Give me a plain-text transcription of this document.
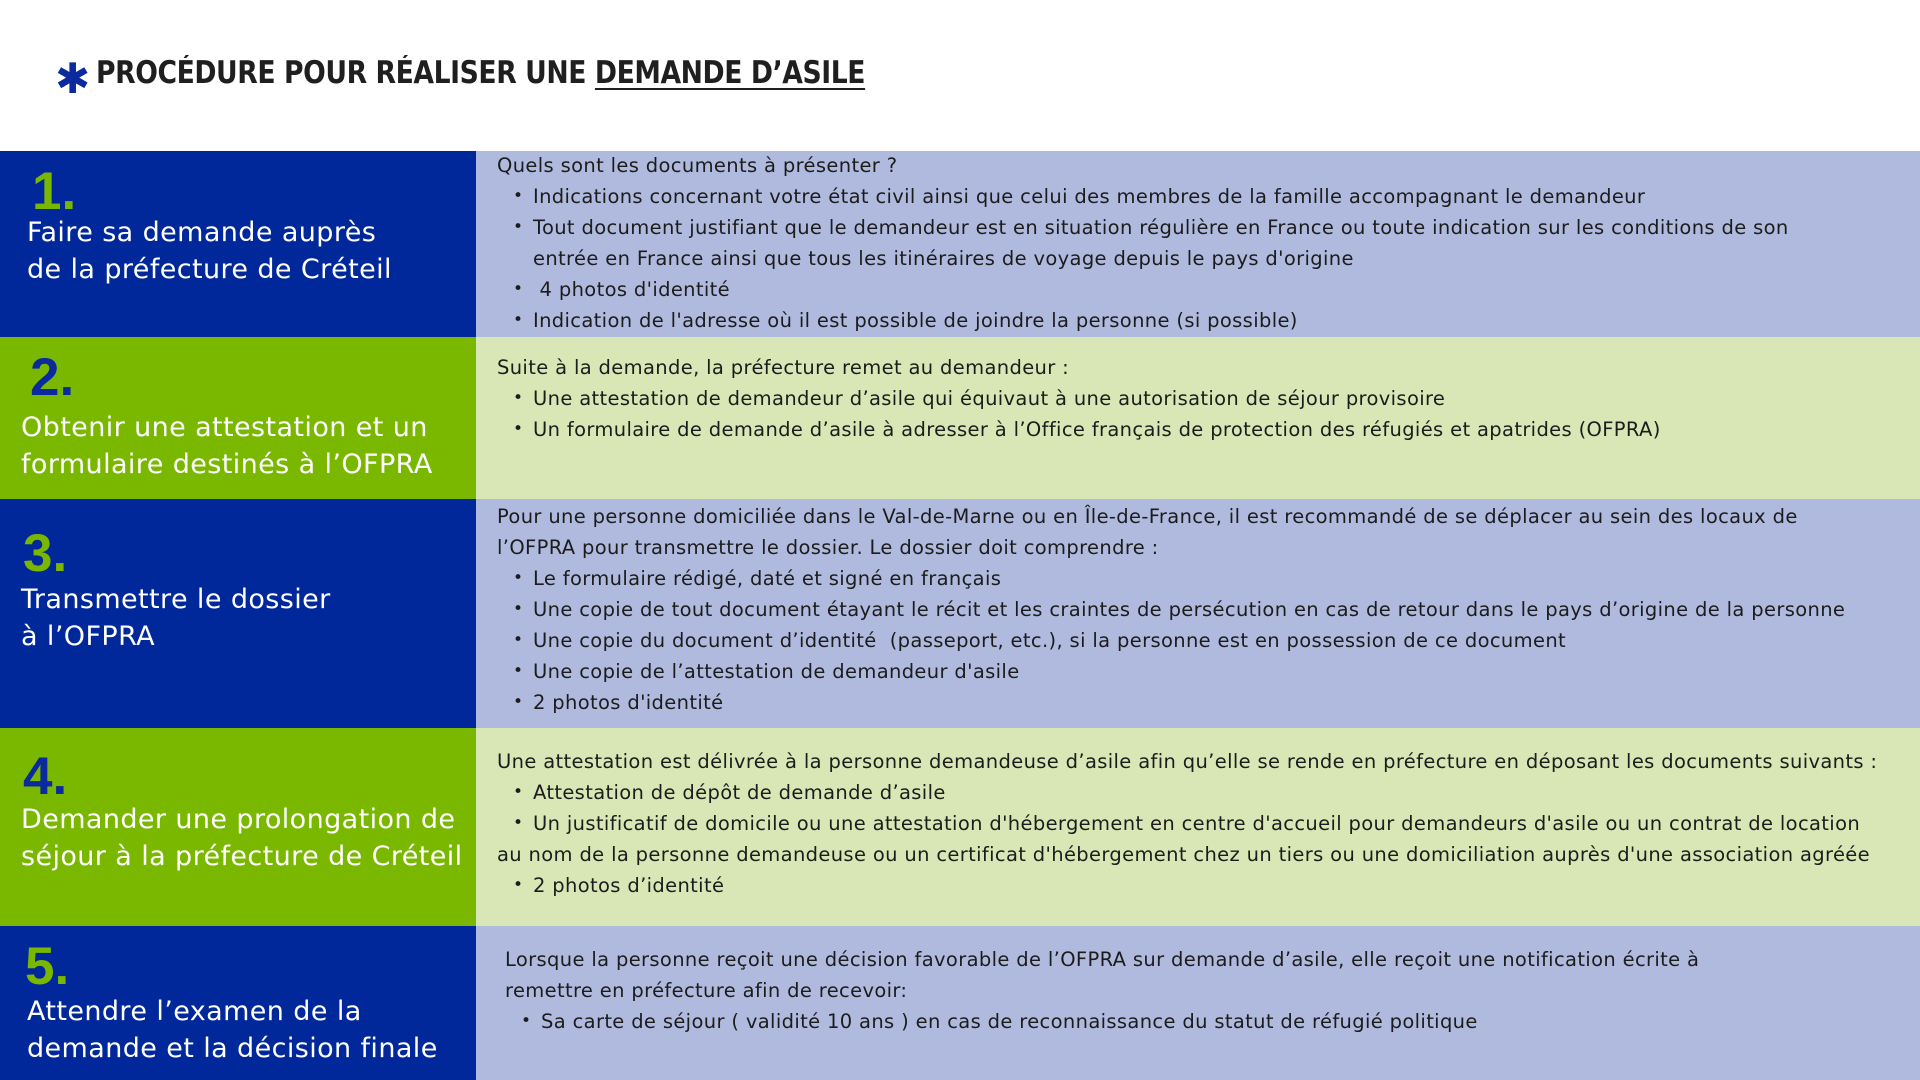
✱ PROCÉDURE POUR RÉALISER UNE DEMANDE D’ASILE
1.
Faire sa demande auprès
de la préfecture de Créteil

Quels sont les documents à présenter ?

• Indications concernant votre état civil ainsi que celui des membres de la famille accompagnant le demandeur
• Tout document justifiant que le demandeur est en situation régulière en France ou toute indication sur les conditions de son entrée en France ainsi que tous les itinéraires de voyage depuis le pays d'origine
•  4 photos d'identité
• Indication de l'adresse où il est possible de joindre la personne (si possible)
2.
Obtenir une attestation et un
formulaire destinés à l’OFPRA

Suite à la demande, la préfecture remet au demandeur :

• Une attestation de demandeur d’asile qui équivaut à une autorisation de séjour provisoire
• Un formulaire de demande d’asile à adresser à l’Office français de protection des réfugiés et apatrides (OFPRA)
3.
Transmettre le dossier
à l’OFPRA

Pour une personne domiciliée dans le Val-de-Marne ou en Île-de-France, il est recommandé de se déplacer au sein des locaux de l’OFPRA pour transmettre le dossier. Le dossier doit comprendre :

• Le formulaire rédigé, daté et signé en français
• Une copie de tout document étayant le récit et les craintes de persécution en cas de retour dans le pays d’origine de la personne
• Une copie du document d’identité  (passeport, etc.), si la personne est en possession de ce document
• Une copie de l’attestation de demandeur d'asile
• 2 photos d'identité
4.
Demander une prolongation de
séjour à la préfecture de Créteil

Une attestation est délivrée à la personne demandeuse d’asile afin qu’elle se rende en préfecture en déposant les documents suivants :

• Attestation de dépôt de demande d’asile
• Un justificatif de domicile ou une attestation d'hébergement en centre d'accueil pour demandeurs d'asile ou un contrat de location

au nom de la personne demandeuse ou un certificat d'hébergement chez un tiers ou une domiciliation auprès d'une association agréée

• 2 photos d’identité
5.
Attendre l’examen de la
demande et la décision finale

Lorsque la personne reçoit une décision favorable de l’OFPRA sur demande d’asile, elle reçoit une notification écrite à remettre en préfecture afin de recevoir:

• Sa carte de séjour ( validité 10 ans ) en cas de reconnaissance du statut de réfugié politique
